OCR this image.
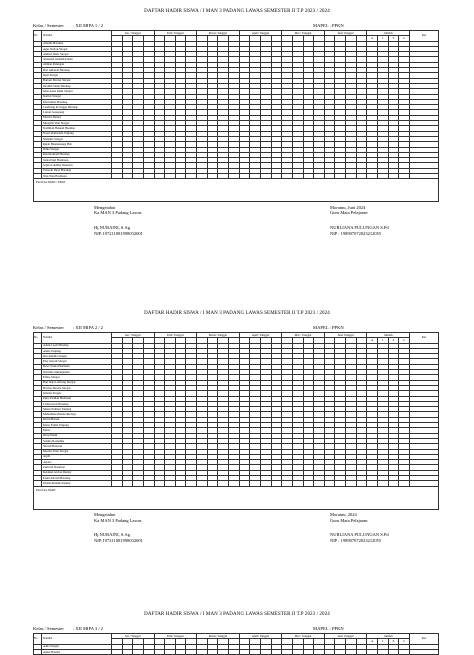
DAFTAR HADIR SISWA / I MAN 3 PADANG LAWAS SEMESTER II T.P 2023 / 2024
Kelas / Semester : XII MIPA 1 / 2	MAPEL : PPKN
No	NAMA	Jan / Tanggal				Febr/ Tanggal				Maret/ Tanggal				April/ Tanggal				Mei / Tanggal				Juni/ Tanggal				Jumlah				Ket
																										A	I	S	C	
	Alhadis Harahap																													
	Agus Nellok Siregar																													
	Ahmad Nazir Siregar																													
	Ainseslal Abdilah Pohan																													
	Aliman Pulungan																													
	Dwi Amanda Harahap																													
	Dedi Siregar																													
	Hariani Mariza Siregar																													
	Ibrahim Saleh Harahap																													
	Irfan Aqila Rizki Siregar																													
	Kartini Siregar																													
	Khoirunisa Harahap																													
	Landbang R Lingga Harahap																													
	Lestari Gusepung																													
	Marvin Denisy																													
	Mengido Wan Siregar																													
	Nadhifah Husnah Harahap																													
	Nopia Ramadani Tanjung																													
	Nurhalia Siregar																													
	Rajab Hasmananga Hsb																													
	Rifka Siregar																													
	Rani Ramadi Harahap																													
	Santa Putri Hasibuan																													
	Septia Lakinha Nasution																													
	Tsanoah Dewi Harahap																													
	Wan Wan Hasibuan																													

Paraf Ka MAN / PKM																														
Mengetahui
Ka MAN 3 Padang Lawas
Hj.NURAINI, S.Ag
NIP:197211081998032001
Morantu, Juni 2024
Guru Mata Pelajaran
NURLIANA PULUNGAN S.Pd
NIP : 198907072023212055
DAFTAR HADIR SISWA / I MAN 3 PADANG LAWAS SEMESTER II T.P 2023 / 2024
Kelas / Semester : XII MIPA 2 / 2	MAPEL : PPKN
No	NAMA	Jan / Tanggal				Febr/ Tanggal				Maret/ Tanggal				April/ Tanggal				Mei / Tanggal				Juni/ Tanggal				Jumlah				Ket
																										A	I	S	C	
	Adam Lasdi Harahap																													
	Annia Tanjung																													
	Dea mahilia Siregar																													
	Eisy Aisyah Siregar																													
	Dewi Jasuta Hasibuan																													
	Dermika Simanjuntun																													
	Eftina Siregar																													
	Hari Raja Lubbang Siregar																													
	Horana Dewita Siregar																													
	Ismaila Siregar																													
	Indra Padilah Hasibuan																													
	Listiarowati Harahap																													
	Masni Nahmat Tanjung																													
	Muhammad Ilhana Ritonga																													
	Putrid Harian																													
	Ratna Fadila Tanjung																													
	Mario																													
	Rizqi Ilham																													
	Sarmia Rosdalina																													
	Sholah Halavah																													
	Khoziri Yasir Siregar																													
	Arpili																													
	Aspera																													
	Zuriwati Nasution																													
	Kelahud Arvian Denisy																													
	Ezehi Alicnid Harahap																													
	Wendi Amanda Denisy																													

Paraf Ka MAN																														
Mengetahui
Ka MAN 3 Padang Lawas
Hj.NURAINI, S.Ag
NIP:197211081998032001
Morantu, 2024
Guru Mata Pelajaran
NURLIANA PULUNGAN S.Pd
NIP : 198907072023212055
DAFTAR HADIR SISWA / I MAN 3 PADANG LAWAS SEMESTER II T.P 2023 / 2024
Kelas / Semester : XII MIPA 3 / 2	MAPEL : PPKN
No	NAMA	Jan / Tanggal				Febr/ Tanggal				Maret/ Tanggal				April/ Tanggal				Mei / Tanggal				Juni/ Tanggal				Jumlah				Ket
																										A	I	S	C	
	Adha Siregar																													
	Annie Bassiru																													
